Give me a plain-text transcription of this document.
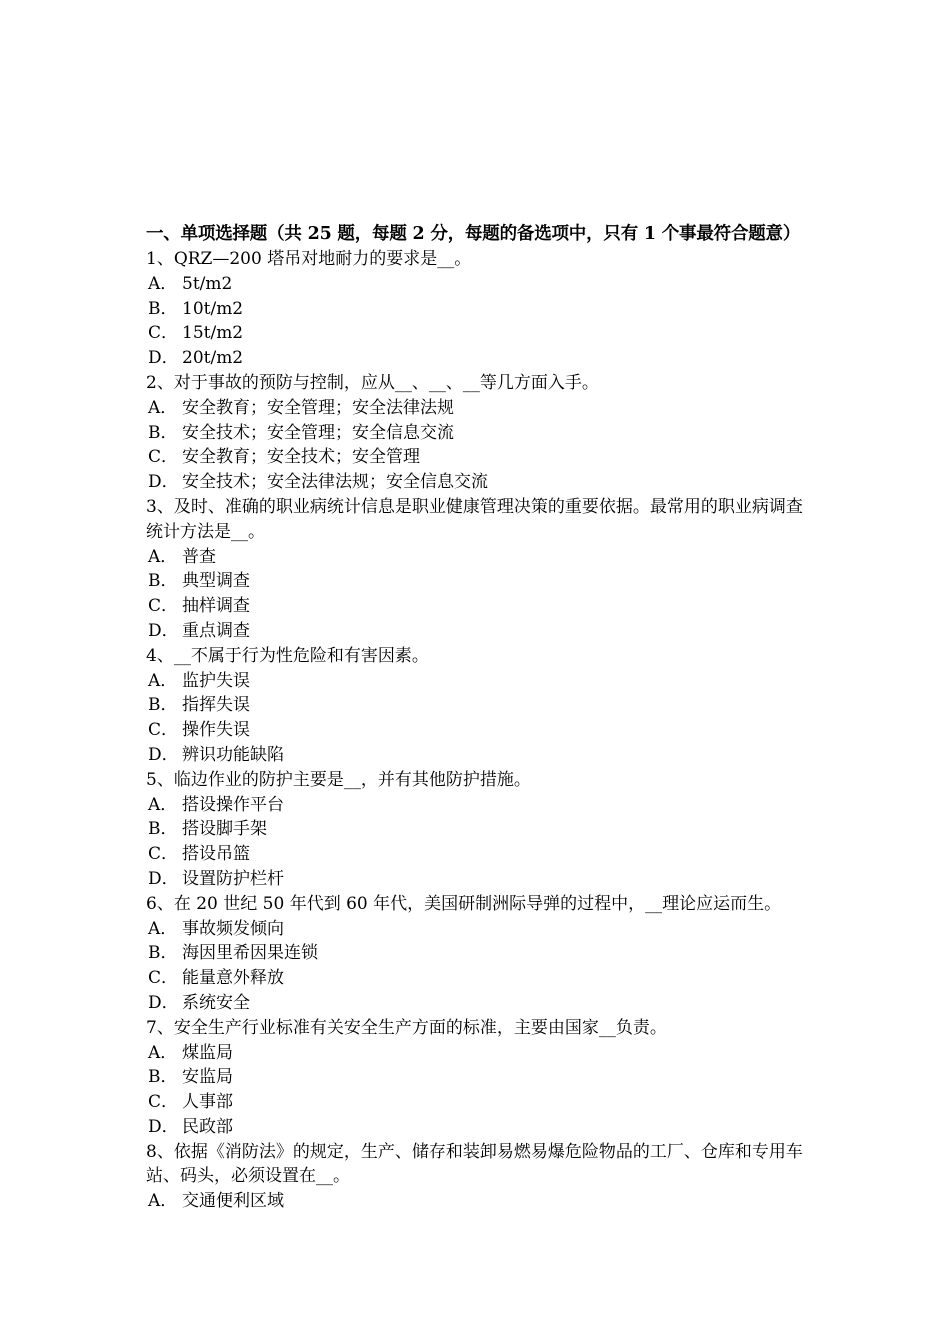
一、单项选择题（共 25 题，每题 2 分，每题的备选项中，只有 1 个事最符合题意）

1、QRZ—200 塔吊对地耐力的要求是__。

A． 5t/m2
B． 10t/m2
C． 15t/m2
D． 20t/m2

2、对于事故的预防与控制，应从__、__、__等几方面入手。

A． 安全教育；安全管理；安全法律法规
B． 安全技术；安全管理；安全信息交流
C． 安全教育；安全技术；安全管理
D． 安全技术；安全法律法规；安全信息交流

3、及时、准确的职业病统计信息是职业健康管理决策的重要依据。最常用的职业病调查统计方法是__。

A． 普查
B． 典型调查
C． 抽样调查
D． 重点调查

4、__不属于行为性危险和有害因素。

A． 监护失误
B． 指挥失误
C． 操作失误
D． 辨识功能缺陷

5、临边作业的防护主要是__，并有其他防护措施。

A． 搭设操作平台
B． 搭设脚手架
C． 搭设吊篮
D． 设置防护栏杆

6、在 20 世纪 50 年代到 60 年代，美国研制洲际导弹的过程中，__理论应运而生。

A． 事故频发倾向
B． 海因里希因果连锁
C． 能量意外释放
D． 系统安全

7、安全生产行业标准有关安全生产方面的标准，主要由国家__负责。

A． 煤监局
B． 安监局
C． 人事部
D． 民政部

8、依据《消防法》的规定，生产、储存和装卸易燃易爆危险物品的工厂、仓库和专用车站、码头，必须设置在__。

A． 交通便利区域
